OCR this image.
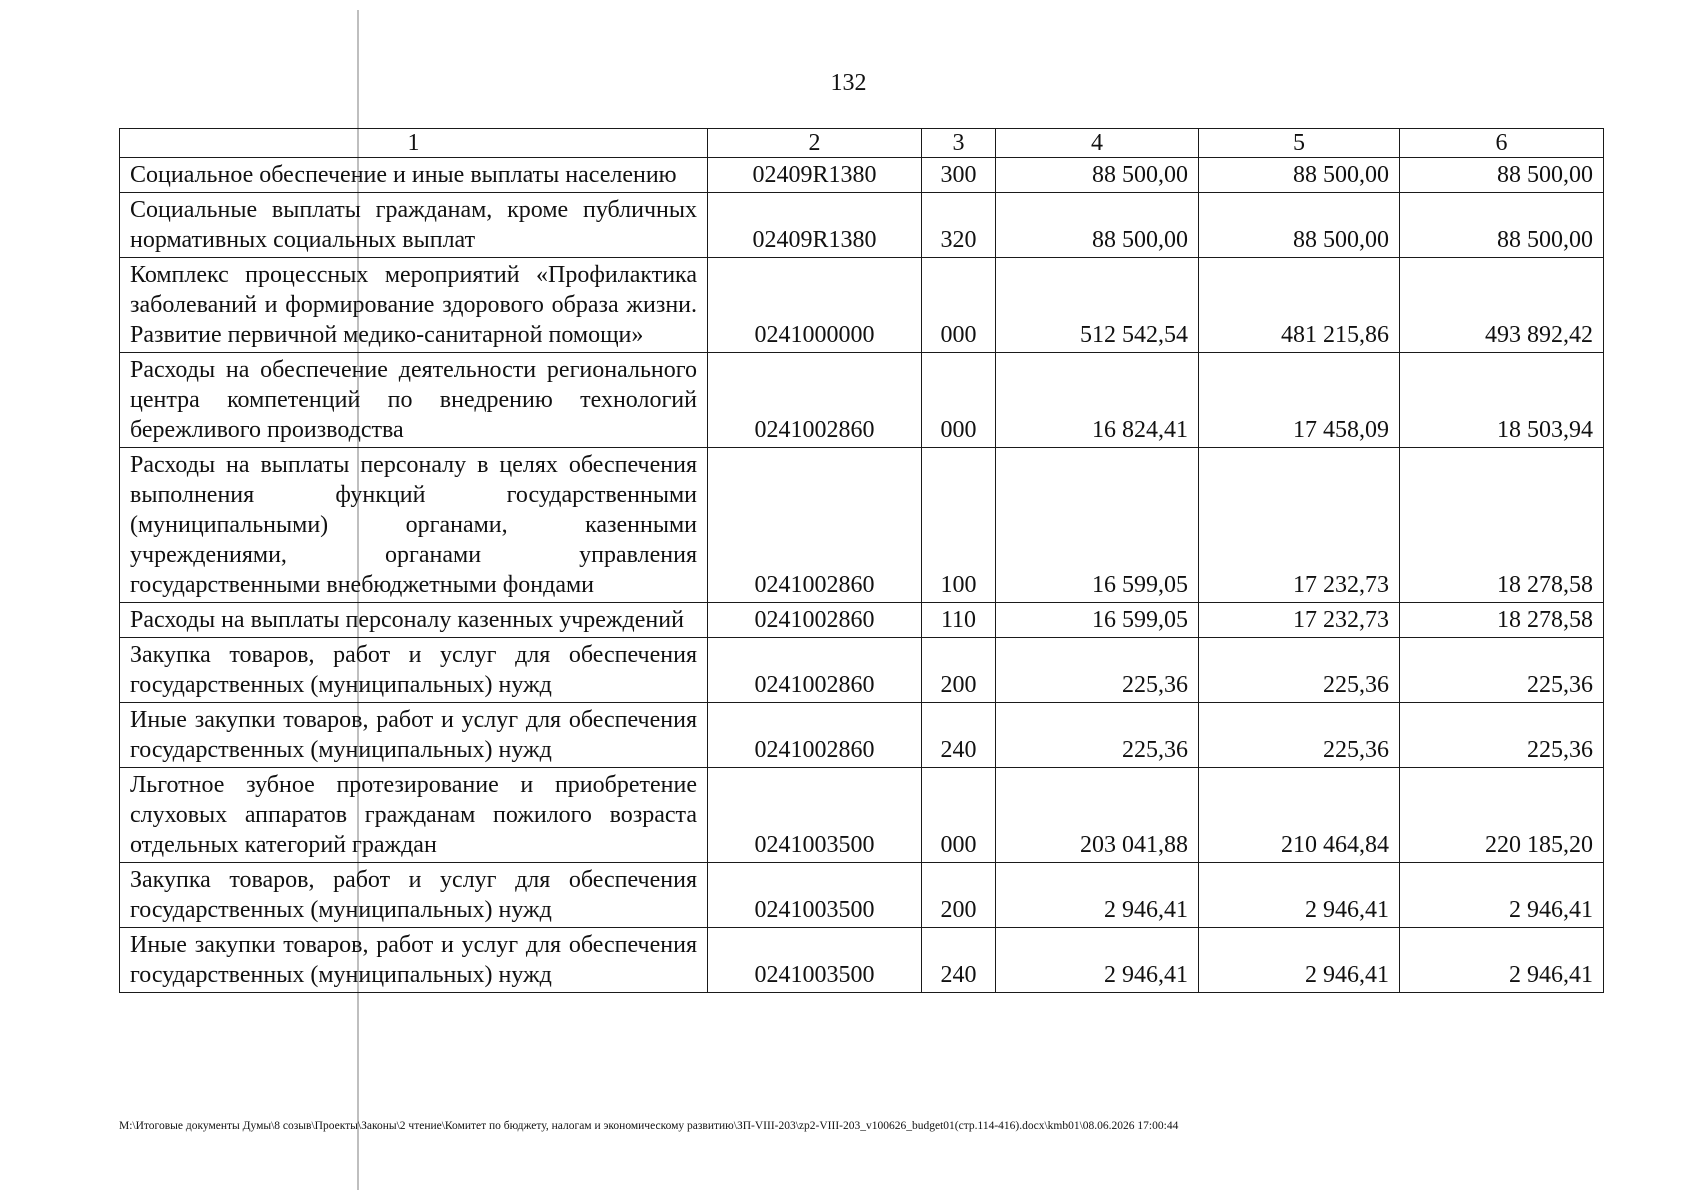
132
1	2	3	4	5	6
Социальное обеспечение и иные выплаты населению	02409R1380	300	88 500,00	88 500,00	88 500,00
Социальные выплаты гражданам, кроме публичных нормативных социальных выплат	02409R1380	320	88 500,00	88 500,00	88 500,00
Комплекс процессных мероприятий «Профилактика заболеваний и формирование здорового образа жизни. Развитие первичной медико-санитарной помощи»	0241000000	000	512 542,54	481 215,86	493 892,42
Расходы на обеспечение деятельности регионального центра компетенций по внедрению технологий бережливого производства	0241002860	000	16 824,41	17 458,09	18 503,94
Расходы на выплаты персоналу в целях обеспечения выполнения функций государственными (муниципальными) органами, казенными учреждениями, органами управления государственными внебюджетными фондами	0241002860	100	16 599,05	17 232,73	18 278,58
Расходы на выплаты персоналу казенных учреждений	0241002860	110	16 599,05	17 232,73	18 278,58
Закупка товаров, работ и услуг для обеспечения государственных (муниципальных) нужд	0241002860	200	225,36	225,36	225,36
Иные закупки товаров, работ и услуг для обеспечения государственных (муниципальных) нужд	0241002860	240	225,36	225,36	225,36
Льготное зубное протезирование и приобретение слуховых аппаратов гражданам пожилого возраста отдельных категорий граждан	0241003500	000	203 041,88	210 464,84	220 185,20
Закупка товаров, работ и услуг для обеспечения государственных (муниципальных) нужд	0241003500	200	2 946,41	2 946,41	2 946,41
Иные закупки товаров, работ и услуг для обеспечения государственных (муниципальных) нужд	0241003500	240	2 946,41	2 946,41	2 946,41
M:\Итоговые документы Думы\8 созыв\Проекты\Законы\2 чтение\Комитет по бюджету, налогам и экономическому развитию\ЗП-VIII-203\zp2-VIII-203_v100626_budget01(стр.114-416).docx\kmb01\08.06.2026 17:00:44
